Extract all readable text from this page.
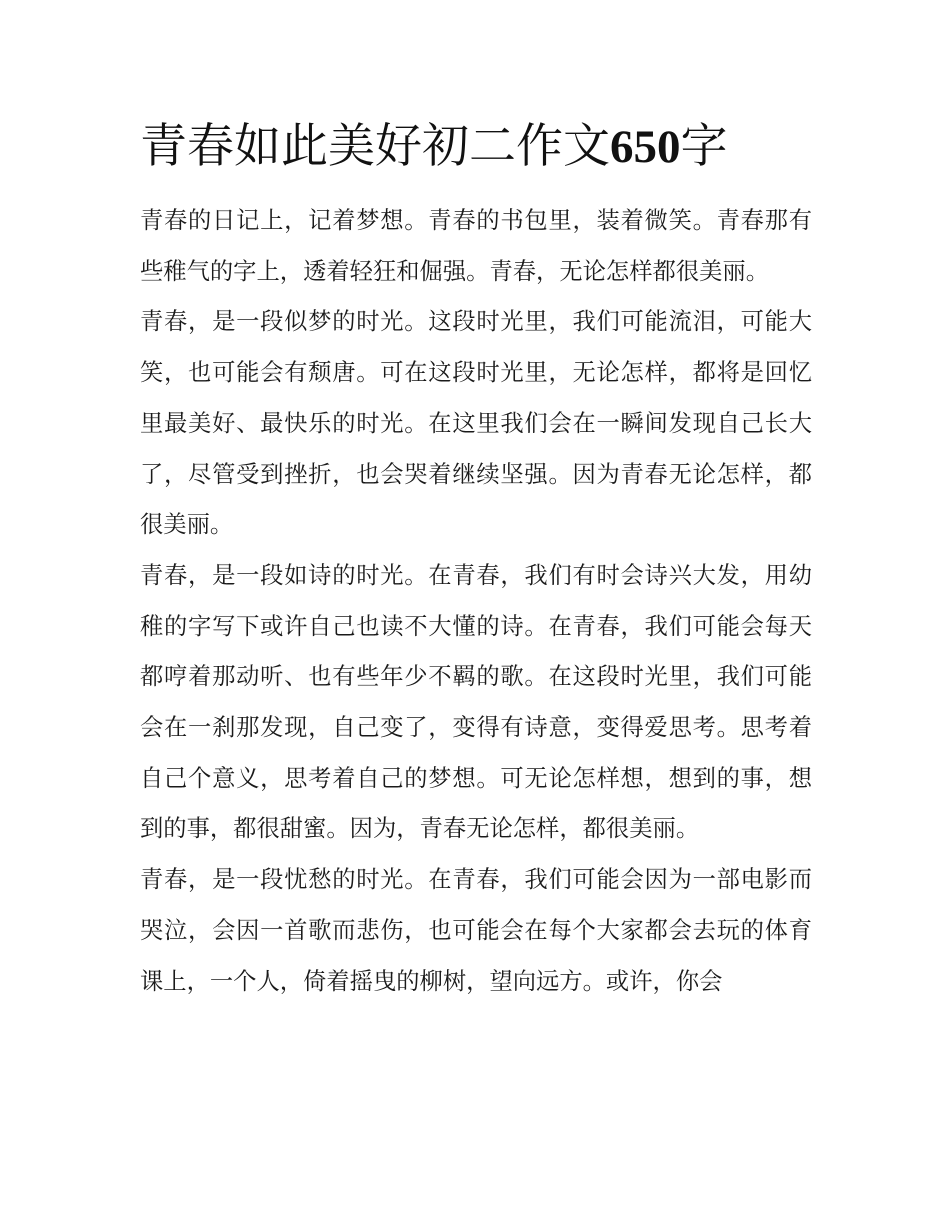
青春如此美好初二作文650字

青春的日记上，记着梦想。青春的书包里，装着微笑。青春那有些稚气的字上，透着轻狂和倔强。青春，无论怎样都很美丽。

青春，是一段似梦的时光。这段时光里，我们可能流泪，可能大笑，也可能会有颓唐。可在这段时光里，无论怎样，都将是回忆里最美好、最快乐的时光。在这里我们会在一瞬间发现自己长大了，尽管受到挫折，也会哭着继续坚强。因为青春无论怎样，都很美丽。

青春，是一段如诗的时光。在青春，我们有时会诗兴大发，用幼稚的字写下或许自己也读不大懂的诗。在青春，我们可能会每天都哼着那动听、也有些年少不羁的歌。在这段时光里，我们可能会在一刹那发现，自己变了，变得有诗意，变得爱思考。思考着自己个意义，思考着自己的梦想。可无论怎样想，想到的事，想到的事，都很甜蜜。因为，青春无论怎样，都很美丽。

青春，是一段忧愁的时光。在青春，我们可能会因为一部电影而哭泣，会因一首歌而悲伤，也可能会在每个大家都会去玩的体育课上，一个人，倚着摇曳的柳树，望向远方。或许，你会
